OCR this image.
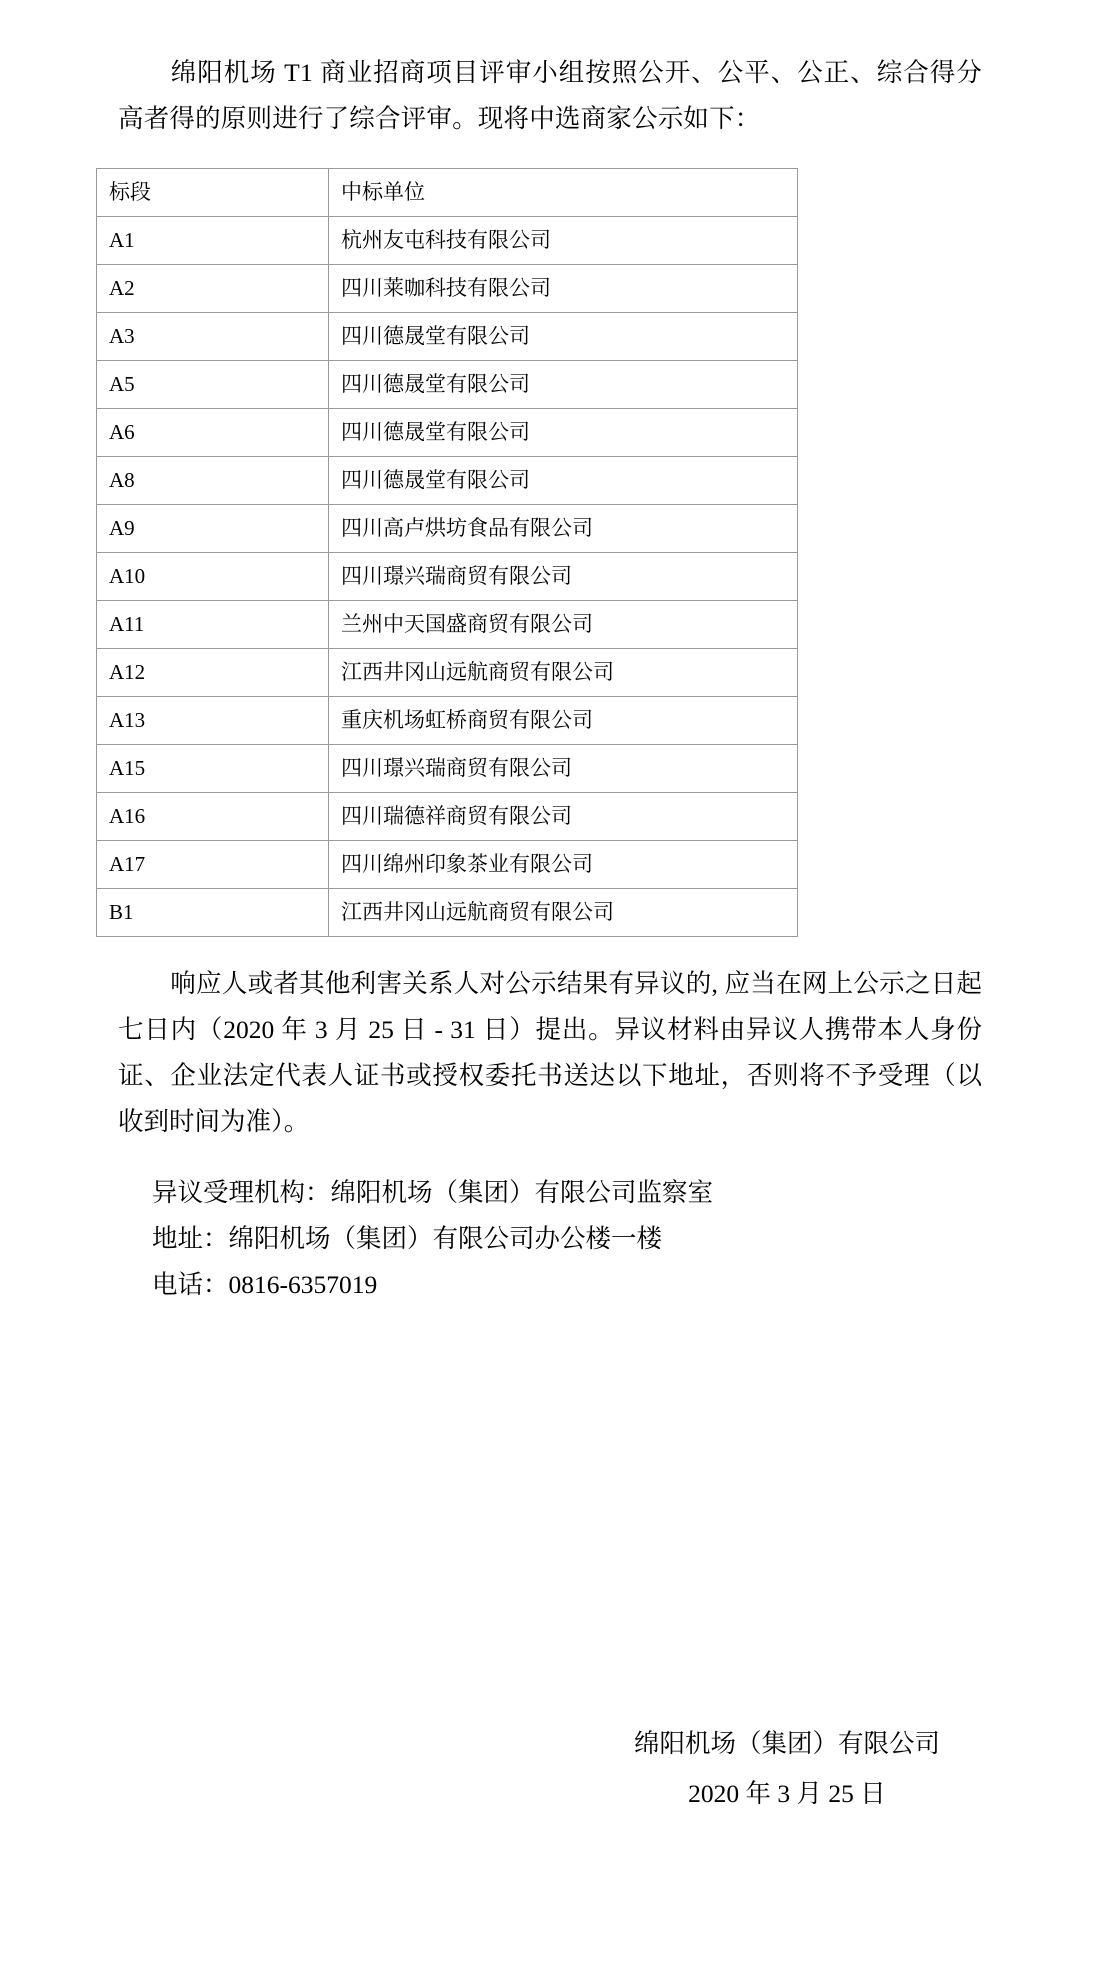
绵阳机场 T1 商业招商项目评审小组按照公开、公平、公正、综合得分高者得的原则进行了综合评审。现将中选商家公示如下：

标段	中标单位
A1	杭州友屯科技有限公司
A2	四川莱咖科技有限公司
A3	四川德晟堂有限公司
A5	四川德晟堂有限公司
A6	四川德晟堂有限公司
A8	四川德晟堂有限公司
A9	四川高卢烘坊食品有限公司
A10	四川璟兴瑞商贸有限公司
A11	兰州中天国盛商贸有限公司
A12	江西井冈山远航商贸有限公司
A13	重庆机场虹桥商贸有限公司
A15	四川璟兴瑞商贸有限公司
A16	四川瑞德祥商贸有限公司
A17	四川绵州印象茶业有限公司
B1	江西井冈山远航商贸有限公司

响应人或者其他利害关系人对公示结果有异议的, 应当在网上公示之日起七日内（2020 年 3 月 25 日 - 31 日）提出。异议材料由异议人携带本人身份证、企业法定代表人证书或授权委托书送达以下地址，否则将不予受理（以收到时间为准）。

异议受理机构：绵阳机场（集团）有限公司监察室
地址：绵阳机场（集团）有限公司办公楼一楼
电话：0816-6357019
绵阳机场（集团）有限公司
2020 年 3 月 25 日
